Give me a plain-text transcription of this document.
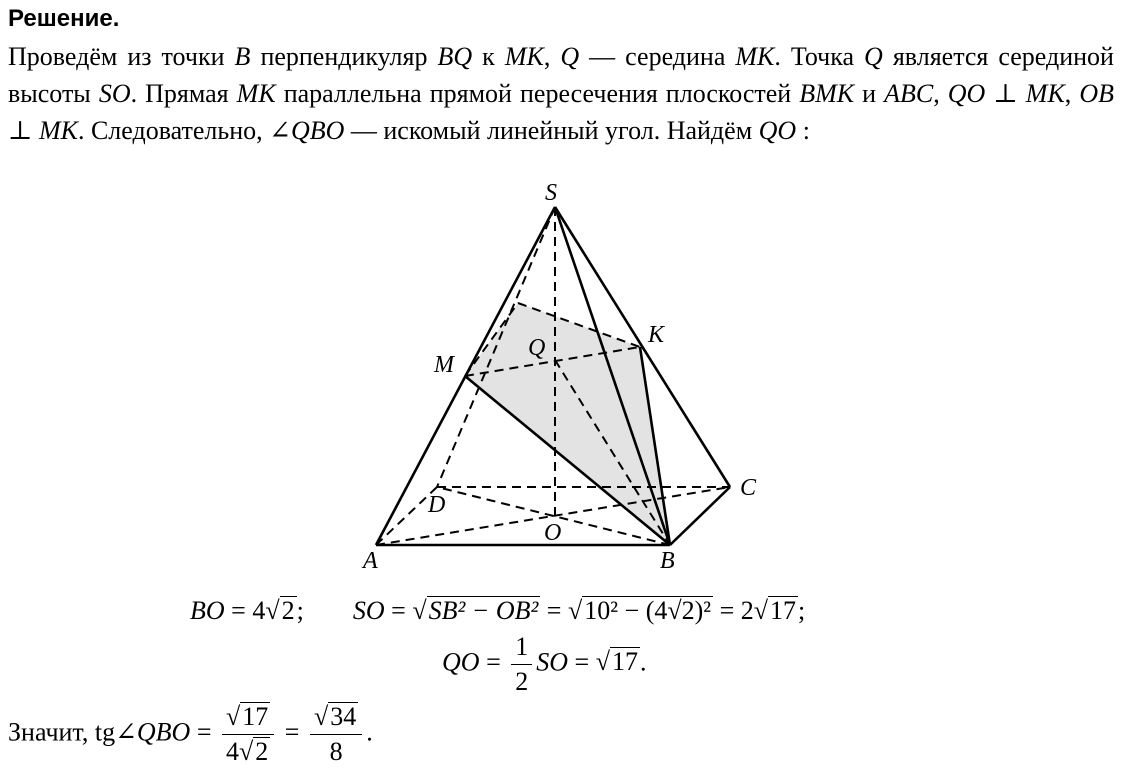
Решение.
Проведём из точки B перпендикуляр BQ к MK, Q — середина MK. Точка Q является серединой высоты SO. Прямая MK параллельна прямой пересечения плоскостей BMK и ABC, QO ⊥ MK, OB ⊥ MK. Следовательно, ∠QBO — искомый линейный угол. Найдём QO :
S
K
Q
M
C
D
O
A	B
BO = 4√2; SO = √SB² − OB² = √10² − (4√2)² = 2√17;
QO = $\frac{1}{2}$ SO = √17.
Значит, tg∠QBO = $\frac{√17}{4√2} = \frac{√34}{8}$ .
